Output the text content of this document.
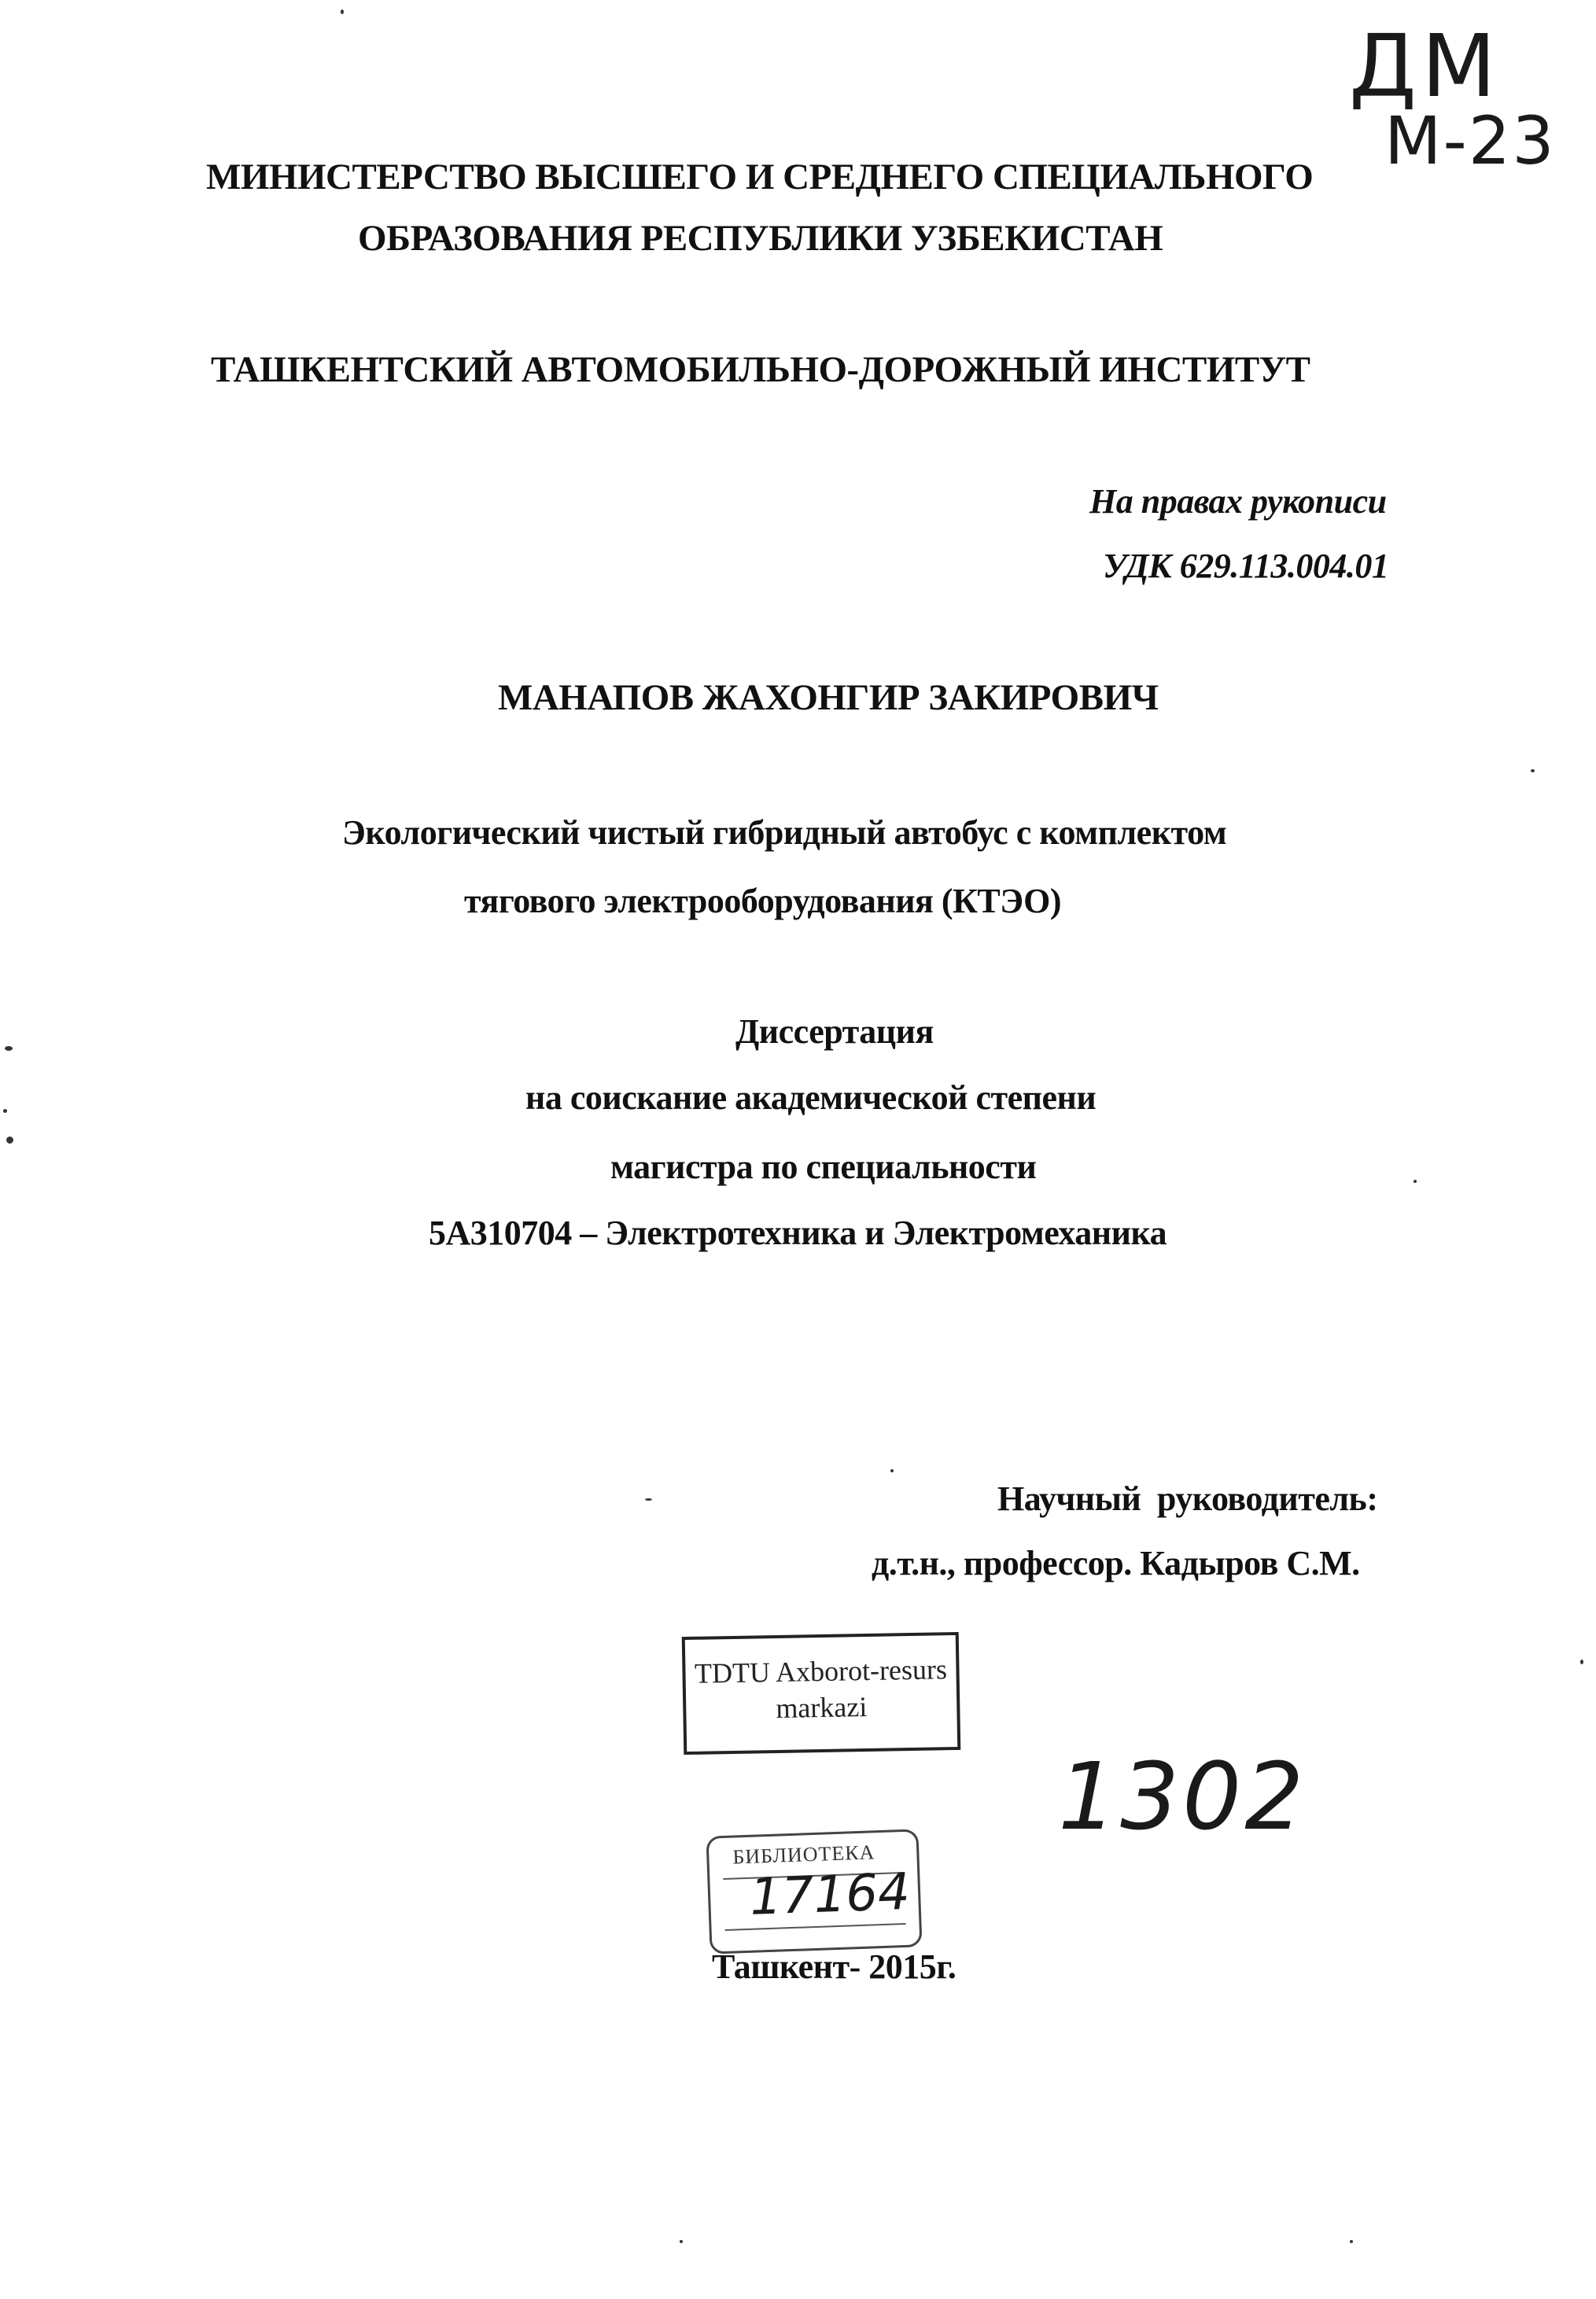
ДМ
М-23
МИНИСТЕРСТВО ВЫСШЕГО И СРЕДНЕГО СПЕЦИАЛЬНОГО
ОБРАЗОВАНИЯ РЕСПУБЛИКИ УЗБЕКИСТАН
ТАШКЕНТСКИЙ АВТОМОБИЛЬНО-ДОРОЖНЫЙ ИНСТИТУТ
На правах рукописи
УДК 629.113.004.01
МАНАПОВ ЖАХОНГИР ЗАКИРОВИЧ
Экологический чистый гибридный автобус с комплектом
тягового электрооборудования (КТЭО)
Диссертация
на соискание академической степени
магистра по специальности
5А310704 – Электротехника и Электромеханика
Научный руководитель:
д.т.н., профессор. Кадыров С.М.
TDTU Axborot-resurs
markazi
1302
БИБЛИОТЕКА
17164
Ташкент- 2015г.
